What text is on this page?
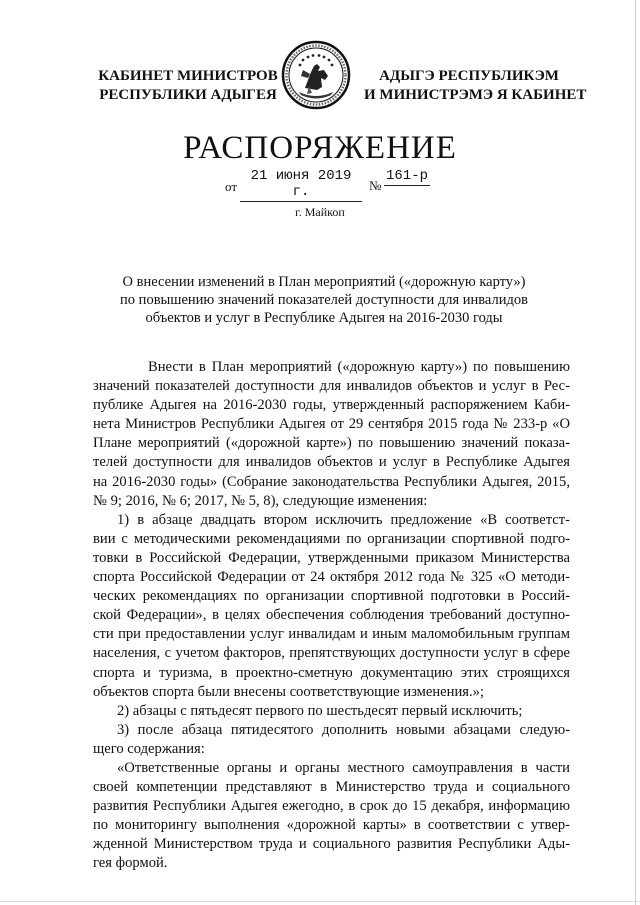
КАБИНЕТ МИНИСТРОВ
РЕСПУБЛИКИ АДЫГЕЯ
АДЫГЭ РЕСПУБЛИКЭМ
И МИНИСТРЭМЭ Я КАБИНЕТ
РАСПОРЯЖЕНИЕ
от
21 июня 2019 г.	№
161-р
г. Майкоп
О внесении изменений в План мероприятий («дорожную карту»)
по повышению значений показателей доступности для инвалидов
объектов и услуг в Республике Адыгея на 2016-2030 годы
Внести в План мероприятий («дорожную карту») по повышению
значений показателей доступности для инвалидов объектов и услуг в Рес-
публике Адыгея на 2016-2030 годы, утвержденный распоряжением Каби-
нета Министров Республики Адыгея от 29 сентября 2015 года № 233-р «О
Плане мероприятий («дорожной карте») по повышению значений показа-
телей доступности для инвалидов объектов и услуг в Республике Адыгея
на 2016-2030 годы» (Собрание законодательства Республики Адыгея, 2015,
№ 9; 2016, № 6; 2017, № 5, 8), следующие изменения:
1) в абзаце двадцать втором исключить предложение «В соответст-
вии с методическими рекомендациями по организации спортивной подго-
товки в Российской Федерации, утвержденными приказом Министерства
спорта Российской Федерации от 24 октября 2012 года № 325 «О методи-
ческих рекомендациях по организации спортивной подготовки в Россий-
ской Федерации», в целях обеспечения соблюдения требований доступно-
сти при предоставлении услуг инвалидам и иным маломобильным группам
населения, с учетом факторов, препятствующих доступности услуг в сфере
спорта и туризма, в проектно-сметную документацию этих строящихся
объектов спорта были внесены соответствующие изменения.»;
2) абзацы с пятьдесят первого по шестьдесят первый исключить;
3) после абзаца пятидесятого дополнить новыми абзацами следую-
щего содержания:
«Ответственные органы и органы местного самоуправления в части
своей компетенции представляют в Министерство труда и социального
развития Республики Адыгея ежегодно, в срок до 15 декабря, информацию
по мониторингу выполнения «дорожной карты» в соответствии с утвер-
жденной Министерством труда и социального развития Республики Ады-
гея формой.
